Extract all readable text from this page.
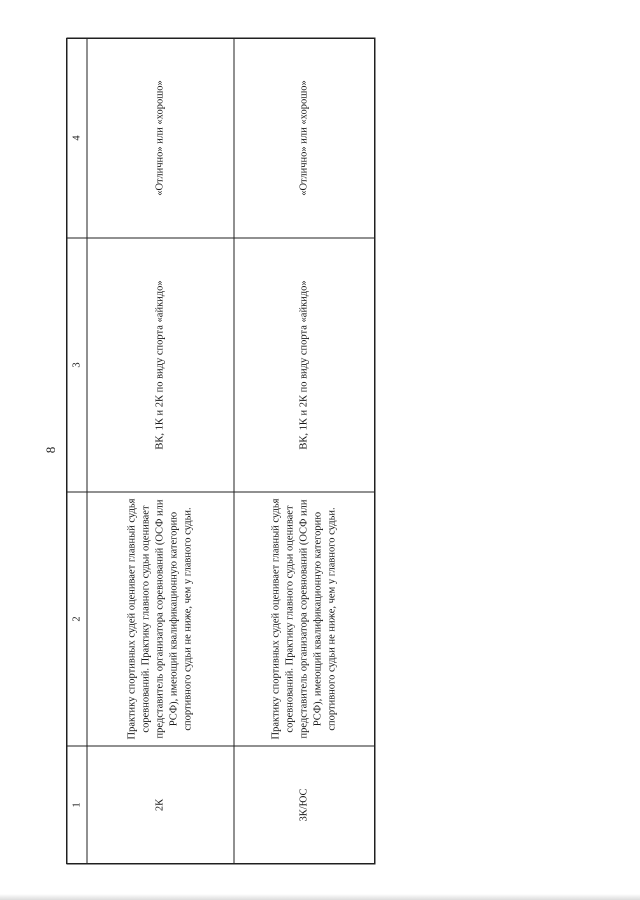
8
1	2	3	4

2К	Практику спортивных судей оценивает главный судья соревнований. Практику главного судьи оценивает представитель организатора соревнований (ОСФ или РСФ), имеющий квалификационную категорию спортивного судьи не ниже, чем у главного судьи.	ВК, 1К и 2К по виду спорта «айкидо»	«Отлично» или «хорошо»

3К/ЮС	Практику спортивных судей оценивает главный судья соревнований. Практику главного судьи оценивает представитель организатора соревнований (ОСФ или РСФ), имеющий квалификационную категорию спортивного судьи не ниже, чем у главного судьи.	ВК, 1К и 2К по виду спорта «айкидо»	«Отлично» или «хорошо»
